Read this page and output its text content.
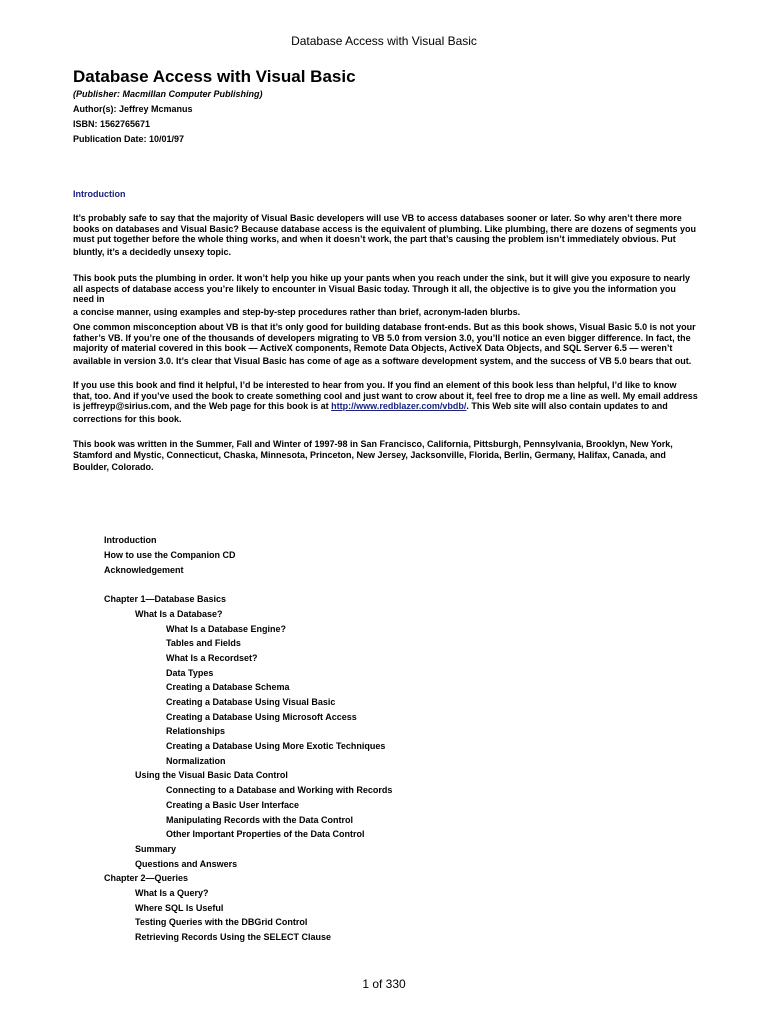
Database Access with Visual Basic
Database Access with Visual Basic
(Publisher: Macmillan Computer Publishing)
Author(s): Jeffrey Mcmanus
ISBN: 1562765671
Publication Date: 10/01/97
Introduction

It’s probably safe to say that the majority of Visual Basic developers will use VB to access databases sooner or later. So why aren’t there more books on databases and Visual Basic? Because database access is the equivalent of plumbing. Like plumbing, there are dozens of segments you must put together before the whole thing works, and when it doesn’t work, the part that’s causing the problem isn’t immediately obvious. Put
bluntly, it’s a decidedly unsexy topic.

This book puts the plumbing in order. It won’t help you hike up your pants when you reach under the sink, but it will give you exposure to nearly all aspects of database access you’re likely to encounter in Visual Basic today. Through it all, the objective is to give you the information you need in
a concise manner, using examples and step-by-step procedures rather than brief, acronym-laden blurbs.

One common misconception about VB is that it’s only good for building database front-ends. But as this book shows, Visual Basic 5.0 is not your father’s VB. If you’re one of the thousands of developers migrating to VB 5.0 from version 3.0, you’ll notice an even bigger difference. In fact, the majority of material covered in this book — ActiveX components, Remote Data Objects, ActiveX Data Objects, and SQL Server 6.5 — weren’t
available in version 3.0. It’s clear that Visual Basic has come of age as a software development system, and the success of VB 5.0 bears that out.

If you use this book and find it helpful, I’d be interested to hear from you. If you find an element of this book less than helpful, I’d like to know that, too. And if you’ve used the book to create something cool and just want to crow about it, feel free to drop me a line as well. My email address is jeffreyp@sirius.com, and the Web page for this book is at http://www.redblazer.com/vbdb/. This Web site will also contain updates to and
corrections for this book.

This book was written in the Summer, Fall and Winter of 1997-98 in San Francisco, California, Pittsburgh, Pennsylvania, Brooklyn, New York, Stamford and Mystic, Connecticut, Chaska, Minnesota, Princeton, New Jersey, Jacksonville, Florida, Berlin, Germany, Halifax, Canada, and
Boulder, Colorado.

Introduction
How to use the Companion CD
Acknowledgement
Chapter 1—Database Basics
What Is a Database?
What Is a Database Engine?
Tables and Fields
What Is a Recordset?
Data Types
Creating a Database Schema
Creating a Database Using Visual Basic
Creating a Database Using Microsoft Access
Relationships
Creating a Database Using More Exotic Techniques
Normalization
Using the Visual Basic Data Control
Connecting to a Database and Working with Records
Creating a Basic User Interface
Manipulating Records with the Data Control
Other Important Properties of the Data Control
Summary
Questions and Answers
Chapter 2—Queries
What Is a Query?
Where SQL Is Useful
Testing Queries with the DBGrid Control
Retrieving Records Using the SELECT Clause
1 of 330
